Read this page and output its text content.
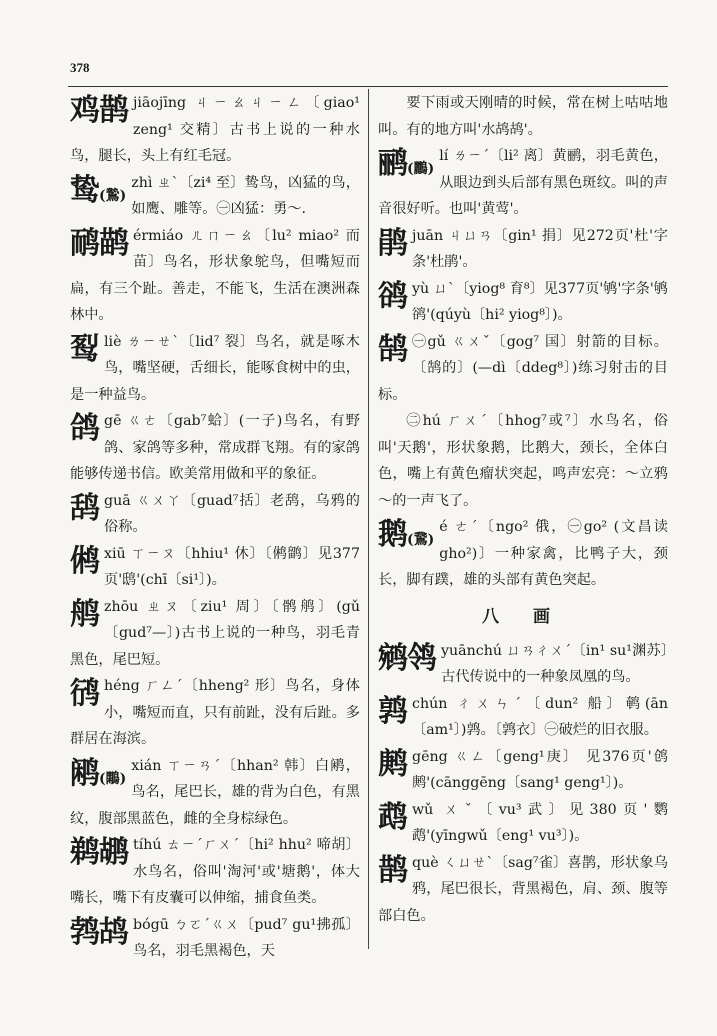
378
鸡鹊 jiāojīng ㄐㄧㄠㄐㄧㄥ〔giao¹ zeng¹ 交精〕古书上说的一种水鸟，腿长，头上有红毛冠。
鸷(鷙)
zhì ㄓˋ〔zi⁴ 至〕鸷鸟，凶猛的鸟，如鹰、雕等。㊀凶猛：勇～.
鸸鹋 érmiáo ㄦㄇㄧㄠ〔lu² miao² 而苗〕鸟名，形状象鸵鸟，但嘴短而扁，有三个趾。善走，不能飞，生活在澳洲森林中。
䴕liè ㄌㄧㄝˋ〔lid⁷ 裂〕鸟名，就是啄木鸟，嘴坚硬，舌细长，能啄食树中的虫，是一种益鸟。
鸽gē ㄍㄜ〔gab⁷蛤〕(一子)鸟名，有野鸽、家鸽等多种，常成群飞翔。有的家鸽能够传递书信。欧美常用做和平的象征。
鸹guā ㄍㄨㄚ〔guad⁷括〕老鸹，乌鸦的俗称。
鸺xiū ㄒㄧㄡ〔hhiu¹ 休〕〔鸺鹠〕见377页'鸱'(chī〔si¹〕)。
鸼zhōu ㄓㄡ〔ziu¹ 周〕〔鹘鸼〕(gǔ〔gud⁷—〕)古书上说的一种鸟，羽毛青黑色，尾巴短。
鸻héng ㄏㄥˊ〔hheng² 形〕鸟名，身体小，嘴短而直，只有前趾，没有后趾。多群居在海滨。
鹇(鷴)
xián ㄒㄧㄢˊ〔hhan² 韩〕白鹇，鸟名，尾巴长，雄的背为白色，有黑纹，腹部黑蓝色，雌的全身棕绿色。
鹈鹕 tíhú ㄊㄧˊㄏㄨˊ〔hi² hhu² 啼胡〕水鸟名，俗叫'淘河'或'塘鹅'，体大嘴长，嘴下有皮囊可以伸缩，捕食鱼类。
鹁鸪 bógū ㄅㄛˊㄍㄨ〔pud⁷ gu¹拂孤〕鸟名，羽毛黑褐色，天
要下雨或天刚晴的时候，常在树上咕咕地叫。有的地方叫'水鸪鸪'。
鹂(鸝)
lí ㄌㄧˊ〔li² 离〕黄鹂，羽毛黄色，从眼边到头后部有黑色斑纹。叫的声音很好听。也叫'黄莺'。
鹃juān ㄐㄩㄢ〔gin¹ 捐〕见272页'杜'字条'杜鹃'。
鹆yù ㄩˋ〔yiog⁸ 育⁸〕见377页'鸲'字条'鸲鹆'(qúyù〔hi² yiog⁸〕)。
鹄 ㊀gǔ ㄍㄨˇ〔gog⁷ 国〕射箭的目标。〔鹄的〕(—dì〔ddeg⁸〕)练习射击的目标。
㊁hú ㄏㄨˊ〔hhog⁷或⁷〕水鸟名，俗叫'天鹅'，形状象鹅，比鹅大，颈长，全体白色，嘴上有黄色瘤状突起，鸣声宏亮：～立鸦～的一声飞了。
鹅(鵞)
é ㄜˊ〔ngo² 俄，㊀go² (文昌读 gho²)〕一种家禽，比鸭子大，颈长，脚有蹼，雄的头部有黄色突起。
八 画
鹓鸰 yuānchú ㄩㄢㄔㄨˊ〔in¹ su¹渊苏〕古代传说中的一种象凤凰的鸟。
鹑chún ㄔㄨㄣˊ〔dun² 船〕鹌(ān〔am¹〕)鹑。〔鹑衣〕㊀破烂的旧衣服。
鹒gēng ㄍㄥ〔geng¹庚〕 见376页'鸧鹒'(cānggēng〔sang¹ geng¹〕)。
鹉wǔ ㄨˇ〔vu³武〕见380页'鹦鹉'(yīngwǔ〔eng¹ vu³〕)。
鹊què ㄑㄩㄝˋ〔sag⁷雀〕喜鹊，形状象乌鸦，尾巴很长，背黑褐色，肩、颈、腹等部白色。
